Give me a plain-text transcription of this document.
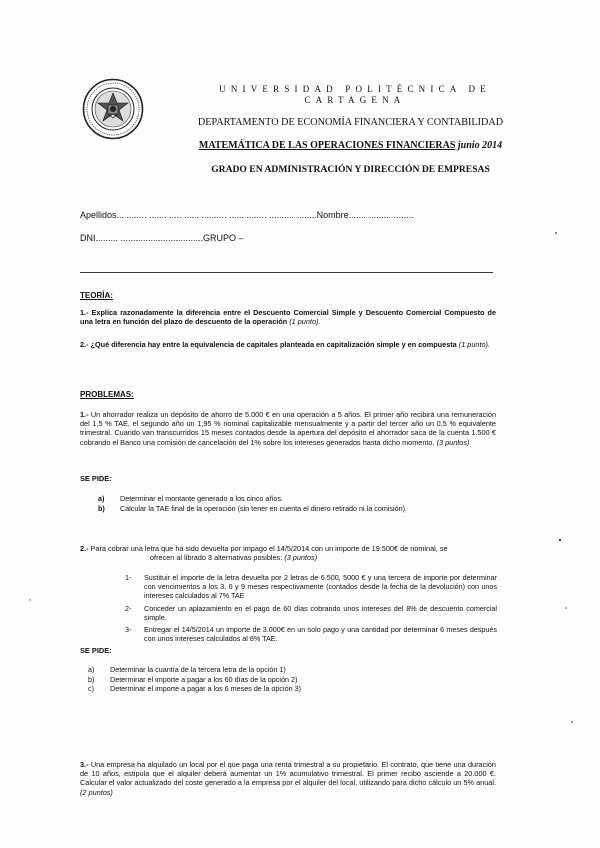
UNIVERSIDAD POLITÉCNICA DE
CARTAGENA
DEPARTAMENTO DE ECONOMÍA FINANCIERA Y CONTABILIDAD
MATEMÁTICA DE LAS OPERACIONES FINANCIERAS junio 2014
GRADO EN ADMINISTRACIÓN Y DIRECCIÓN DE EMPRESAS
Apellidos... ........ ....... ..... ...... .......... ...... ........ .......... ........Nombre....... ......... ........
DNI......... .................................GRUPO –
TEORÍA:
1.- Explica razonadamente la diferencia entre el Descuento Comercial Simple y Descuento Comercial Compuesto de una letra en función del plazo de descuento de la operación (1 punto).
2.- ¿Qué diferencia hay entre la equivalencia de capitales planteada en capitalización simple y en compuesta (1 punto).
PROBLEMAS:
1.- Un ahorrador realiza un depósito de ahorro de 5.000 € en una operación a 5 años. El primer año recibirá una remuneración del 1,5 % TAE, el segundo año un 1,95 % nominal capitalizable mensualmente y a partir del tercer año un 0,5 % equivalente trimestral. Cuando van transcurridos 15 meses contados desde la apertura del depósito el ahorrador saca de la cuenta 1.500 € cobrando el Banco una comisión de cancelación del 1% sobre los intereses generados hasta dicho momento. (3 puntos)
SE PIDE:
a)	Determinar el montante generado a los cinco años.
b)	Calcular la TAE final de la operación (sin tener en cuenta el dinero retirado ni la comisión).
2.- Para cobrar una letra que ha sido devuelta por impago el 14/5/2014 con un importe de 19.500€ de nominal, se
ofrecen al librado 3 alternativas posibles: (3 puntos)
1-	Sustituir el importe de la letra devuelta por 2 letras de 6.500, 5000 € y una tercera de importe por determinar con vencimientos a los 3, 6 y 9 meses respectivamente (contados desde la fecha de la devolución) con unos intereses calculados al 7% TAE
2-	Conceder un aplazamiento en el pago de 60 días cobrando unos intereses del 8% de descuento comercial simple.
3-	Entregar el 14/5/2014 un importe de 3.000€ en un solo pago y una cantidad por determinar 6 meses después con unos intereses calculados al 8% TAE.
SE PIDE:
a)	Determinar la cuantía de la tercera letra de la opción 1)
b)	Determinar el importe a pagar a los 60 días de la opción 2)
c)	Determinar el importe a pagar a los 6 meses de la opción 3)
3.- Una empresa ha alquilado un local por el que paga una renta trimestral a su propietario. El contrato, que tiene una duración de 10 años, estipula que el alquiler deberá aumentar un 1% acumulativo trimestral. El primer recibo asciende a 20.000 €. Calcular el valor actualizado del coste generado a la empresa por el alquiler del local, utilizando para dicho cálculo un 5% anual. (2 puntos)
